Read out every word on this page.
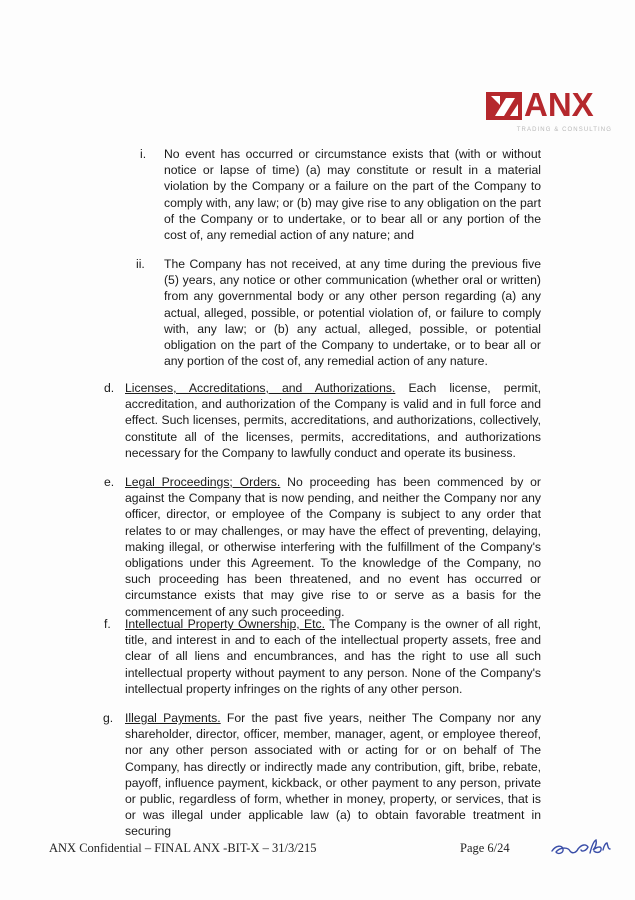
ANX
TRADING & CONSULTING
i. No event has occurred or circumstance exists that (with or without notice or lapse of time) (a) may constitute or result in a material violation by the Company or a failure on the part of the Company to comply with, any law; or (b) may give rise to any obligation on the part of the Company or to undertake, or to bear all or any portion of the cost of, any remedial action of any nature; and
ii. The Company has not received, at any time during the previous five (5) years, any notice or other communication (whether oral or written) from any governmental body or any other person regarding (a) any actual, alleged, possible, or potential violation of, or failure to comply with, any law; or (b) any actual, alleged, possible, or potential obligation on the part of the Company to undertake, or to bear all or any portion of the cost of, any remedial action of any nature.
d. Licenses, Accreditations, and Authorizations. Each license, permit, accreditation, and authorization of the Company is valid and in full force and effect. Such licenses, permits, accreditations, and authorizations, collectively, constitute all of the licenses, permits, accreditations, and authorizations necessary for the Company to lawfully conduct and operate its business.
e. Legal Proceedings; Orders. No proceeding has been commenced by or against the Company that is now pending, and neither the Company nor any officer, director, or employee of the Company is subject to any order that relates to or may challenges, or may have the effect of preventing, delaying, making illegal, or otherwise interfering with the fulfillment of the Company's obligations under this Agreement. To the knowledge of the Company, no such proceeding has been threatened, and no event has occurred or circumstance exists that may give rise to or serve as a basis for the commencement of any such proceeding.
f. Intellectual Property Ownership, Etc. The Company is the owner of all right, title, and interest in and to each of the intellectual property assets, free and clear of all liens and encumbrances, and has the right to use all such intellectual property without payment to any person. None of the Company's intellectual property infringes on the rights of any other person.
g. Illegal Payments. For the past five years, neither The Company nor any shareholder, director, officer, member, manager, agent, or employee thereof, nor any other person associated with or acting for or on behalf of The Company, has directly or indirectly made any contribution, gift, bribe, rebate, payoff, influence payment, kickback, or other payment to any person, private or public, regardless of form, whether in money, property, or services, that is or was illegal under applicable law (a) to obtain favorable treatment in securing
ANX Confidential – FINAL ANX -BIT-X – 31/3/215	Page 6/24
